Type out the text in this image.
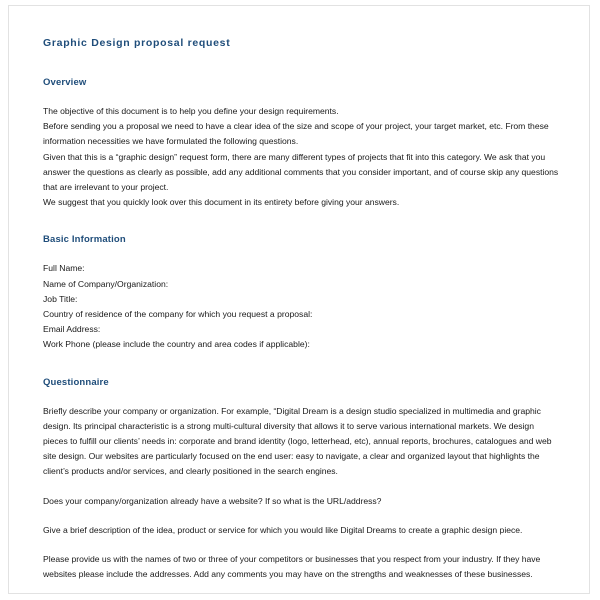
Graphic Design proposal request
Overview

The objective of this document is to help you define your design requirements.

Before sending you a proposal we need to have a clear idea of the size and scope of your project, your target market, etc. From these information necessities we have formulated the following questions.

Given that this is a “graphic design” request form, there are many different types of projects that fit into this category. We ask that you answer the questions as clearly as possible, add any additional comments that you consider important, and of course skip any questions that are irrelevant to your project.

We suggest that you quickly look over this document in its entirety before giving your answers.

Basic Information
Full Name:
Name of Company/Organization:
Job Title:
Country of residence of the company for which you request a proposal:
Email Address:
Work Phone (please include the country and area codes if applicable):
Questionnaire

Briefly describe your company or organization. For example, “Digital Dream is a design studio specialized in multimedia and graphic design. Its principal characteristic is a strong multi-cultural diversity that allows it to serve various international markets. We design pieces to fulfill our clients’ needs in: corporate and brand identity (logo, letterhead, etc), annual reports, brochures, catalogues and web site design. Our websites are particularly focused on the end user: easy to navigate, a clear and organized layout that highlights the client’s products and/or services, and clearly positioned in the search engines.

Does your company/organization already have a website? If so what is the URL/address?

Give a brief description of the idea, product or service for which you would like Digital Dreams to create a graphic design piece.

Please provide us with the names of two or three of your competitors or businesses that you respect from your industry. If they have websites please include the addresses. Add any comments you may have on the strengths and weaknesses of these businesses.
